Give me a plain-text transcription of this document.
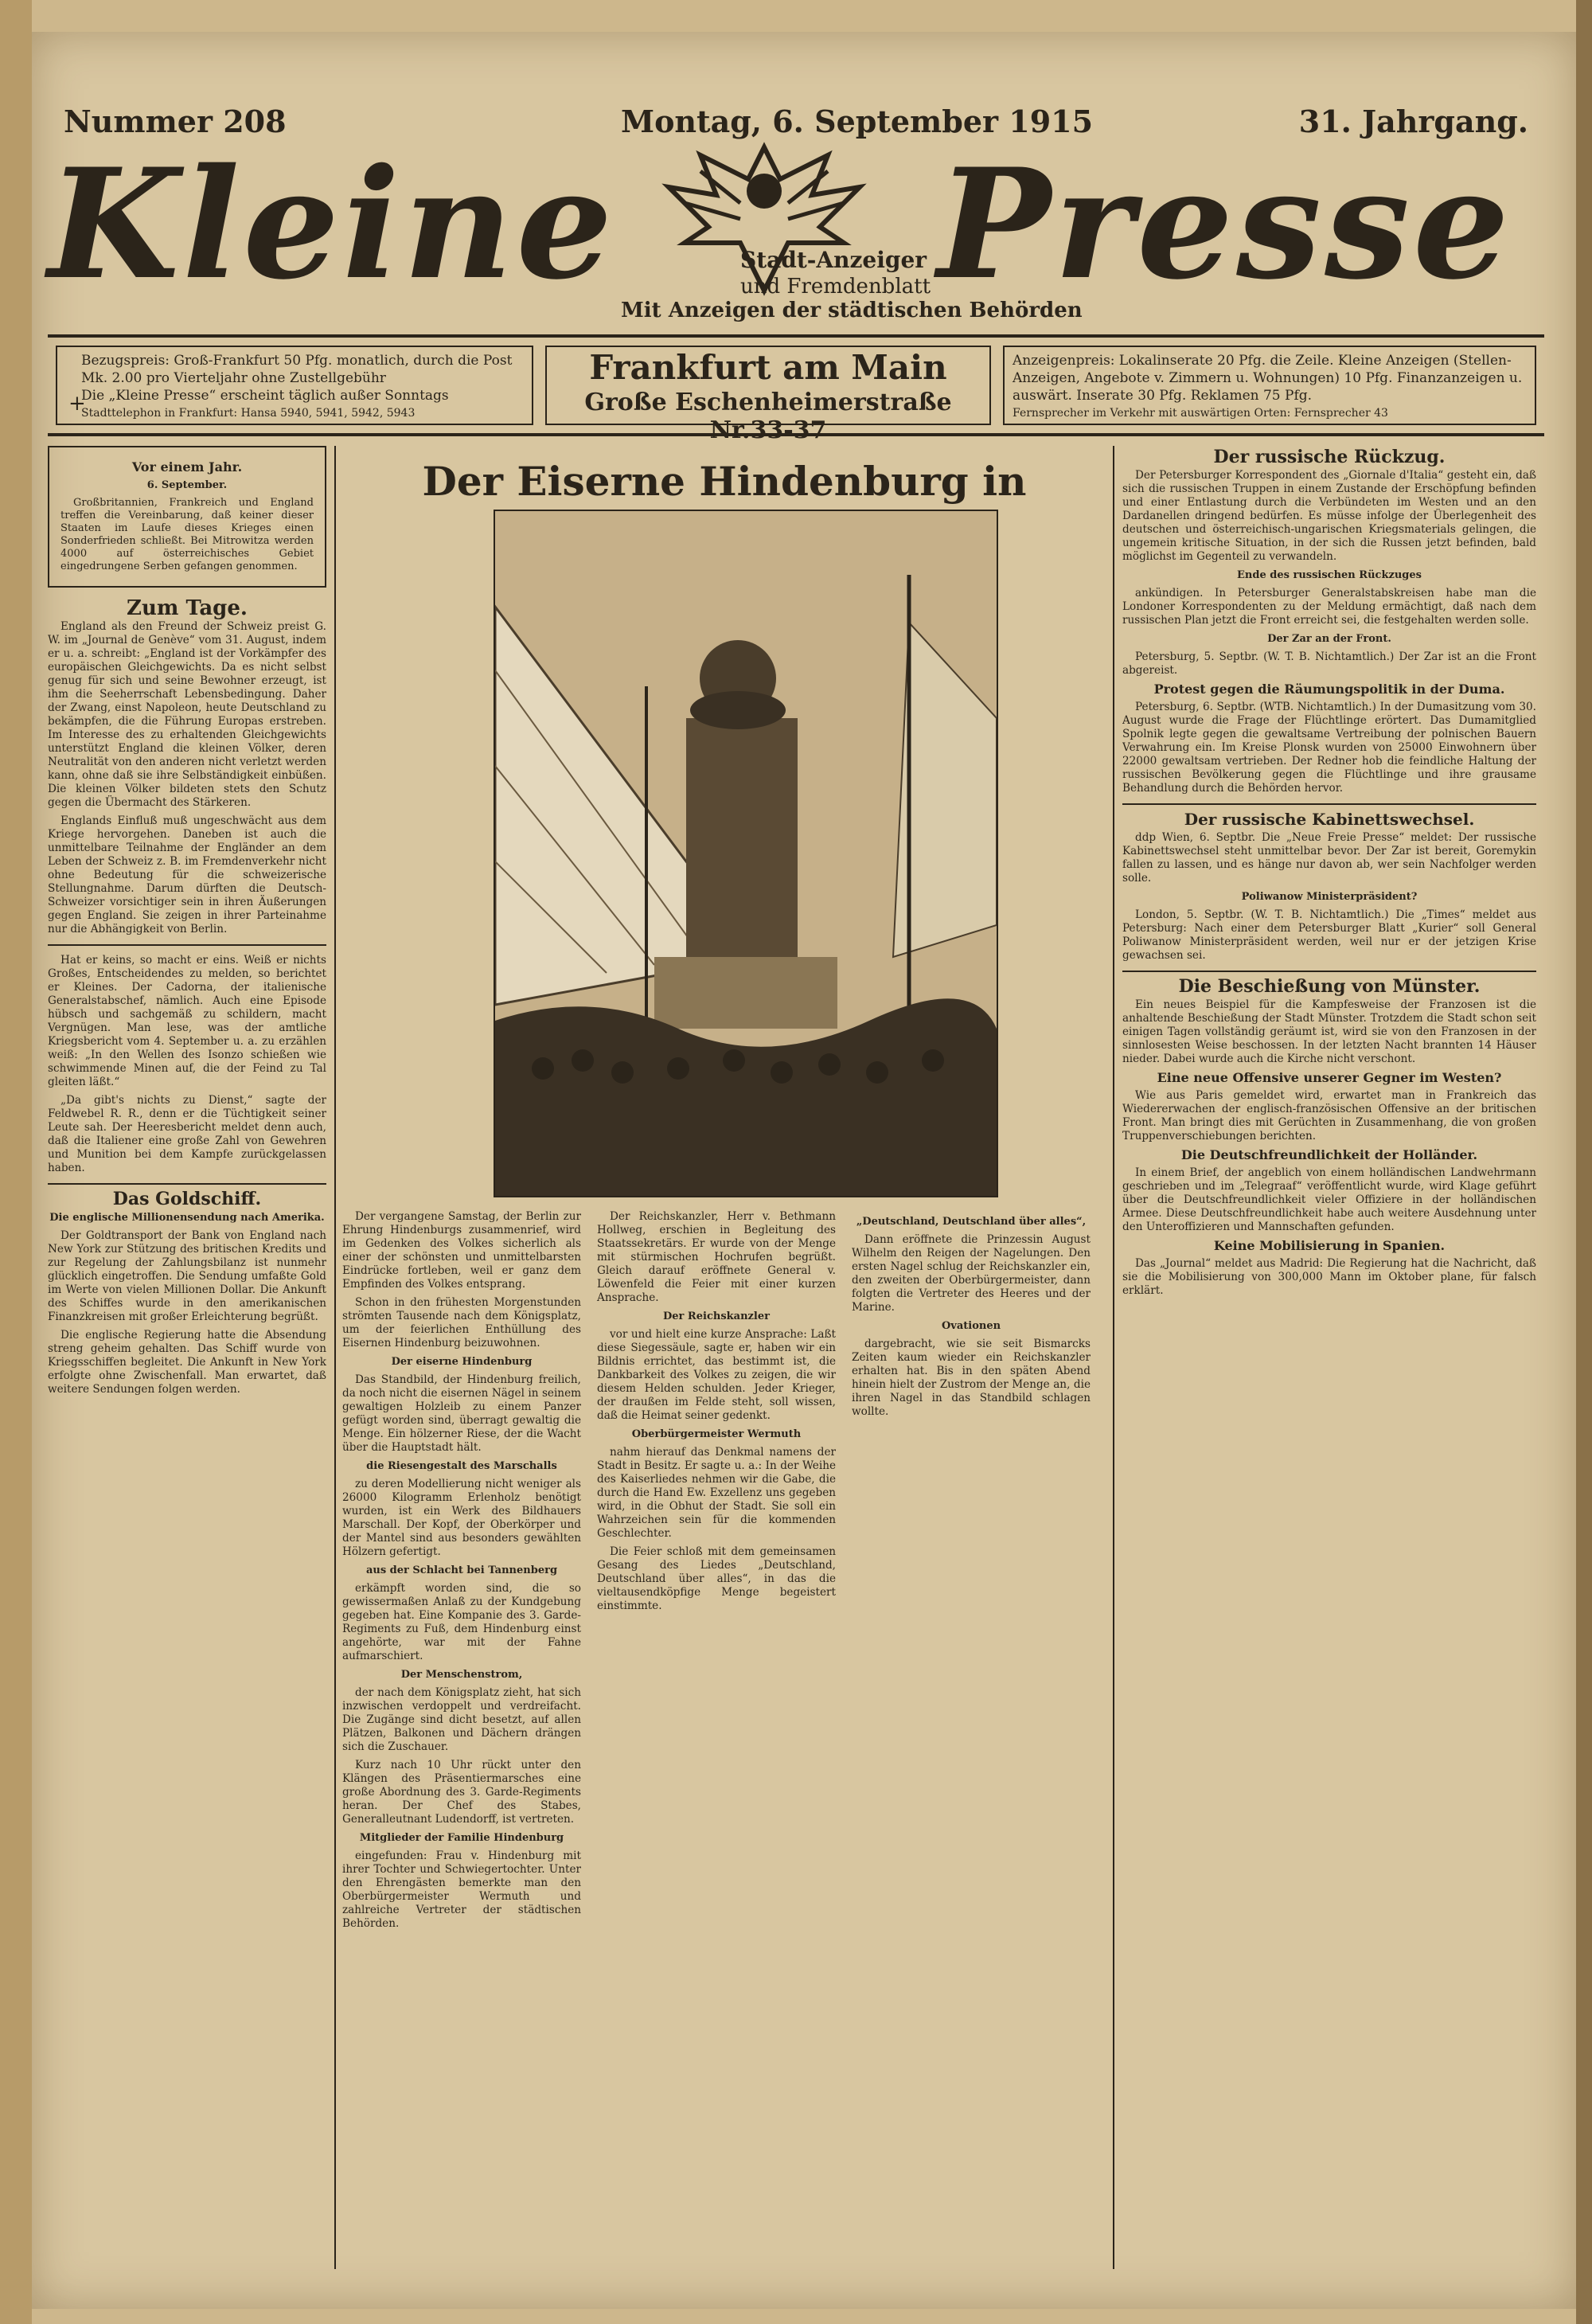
Nummer 208	Montag, 6. September 1915	31. Jahrgang.
Kleine Presse
Stadt-Anzeiger
und Fremdenblatt
Mit Anzeigen der städtischen Behörden
Bezugspreis: Groß-Frankfurt 50 Pfg. monatlich, durch die Post Mk. 2.00 pro Vierteljahr ohne Zustellgebühr
Die „Kleine Presse“ erscheint täglich außer Sonntags
Stadttelephon in Frankfurt: Hansa 5940, 5941, 5942, 5943
+
Frankfurt am Main
Große Eschenheimerstraße Nr.33-37
Anzeigenpreis: Lokalinserate 20 Pfg. die Zeile. Kleine Anzeigen (Stellen-Anzeigen, Angebote v. Zimmern u. Wohnungen) 10 Pfg. Finanzanzeigen u. auswärt. Inserate 30 Pfg. Reklamen 75 Pfg.
Fernsprecher im Verkehr mit auswärtigen Orten: Fernsprecher 43
Vor einem Jahr.
6. September.

Großbritannien, Frankreich und England treffen die Vereinbarung, daß keiner dieser Staaten im Laufe dieses Krieges einen Sonderfrieden schließt. Bei Mitrowitza werden 4000 auf österreichisches Gebiet eingedrungene Serben gefangen genommen.

Zum Tage.

England als den Freund der Schweiz preist G. W. im „Journal de Genève“ vom 31. August, indem er u. a. schreibt: „England ist der Vorkämpfer des europäischen Gleichgewichts. Da es nicht selbst genug für sich und seine Bewohner erzeugt, ist ihm die Seeherrschaft Lebensbedingung. Daher der Zwang, einst Napoleon, heute Deutschland zu bekämpfen, die die Führung Europas erstreben. Im Interesse des zu erhaltenden Gleichgewichts unterstützt England die kleinen Völker, deren Neutralität von den anderen nicht verletzt werden kann, ohne daß sie ihre Selbständigkeit einbüßen. Die kleinen Völker bildeten stets den Schutz gegen die Übermacht des Stärkeren.

Englands Einfluß muß ungeschwächt aus dem Kriege hervorgehen. Daneben ist auch die unmittelbare Teilnahme der Engländer an dem Leben der Schweiz z. B. im Fremdenverkehr nicht ohne Bedeutung für die schweizerische Stellungnahme. Darum dürften die Deutsch-Schweizer vorsichtiger sein in ihren Äußerungen gegen England. Sie zeigen in ihrer Parteinahme nur die Abhängigkeit von Berlin.

Hat er keins, so macht er eins. Weiß er nichts Großes, Entscheidendes zu melden, so berichtet er Kleines. Der Cadorna, der italienische Generalstabschef, nämlich. Auch eine Episode hübsch und sachgemäß zu schildern, macht Vergnügen. Man lese, was der amtliche Kriegsbericht vom 4. September u. a. zu erzählen weiß: „In den Wellen des Isonzo schießen wie schwimmende Minen auf, die der Feind zu Tal gleiten läßt.“

„Da gibt's nichts zu Dienst,“ sagte der Feldwebel R. R., denn er die Tüchtigkeit seiner Leute sah. Der Heeresbericht meldet denn auch, daß die Italiener eine große Zahl von Gewehren und Munition bei dem Kampfe zurückgelassen haben.

Das Goldschiff.
Die englische Millionensendung nach Amerika.

Der Goldtransport der Bank von England nach New York zur Stützung des britischen Kredits und zur Regelung der Zahlungsbilanz ist nunmehr glücklich eingetroffen. Die Sendung umfaßte Gold im Werte von vielen Millionen Dollar. Die Ankunft des Schiffes wurde in den amerikanischen Finanzkreisen mit großer Erleichterung begrüßt.

Die englische Regierung hatte die Absendung streng geheim gehalten. Das Schiff wurde von Kriegsschiffen begleitet. Die Ankunft in New York erfolgte ohne Zwischenfall. Man erwartet, daß weitere Sendungen folgen werden.

Der Eiserne Hindenburg in

Der vergangene Samstag, der Berlin zur Ehrung Hindenburgs zusammenrief, wird im Gedenken des Volkes sicherlich als einer der schönsten und unmittelbarsten Eindrücke fortleben, weil er ganz dem Empfinden des Volkes entsprang.

Schon in den frühesten Morgenstunden strömten Tausende nach dem Königsplatz, um der feierlichen Enthüllung des Eisernen Hindenburg beizuwohnen.

Der eiserne Hindenburg

Das Standbild, der Hindenburg freilich, da noch nicht die eisernen Nägel in seinem gewaltigen Holzleib zu einem Panzer gefügt worden sind, überragt gewaltig die Menge. Ein hölzerner Riese, der die Wacht über die Hauptstadt hält.

die Riesengestalt des Marschalls

zu deren Modellierung nicht weniger als 26000 Kilogramm Erlenholz benötigt wurden, ist ein Werk des Bildhauers Marschall. Der Kopf, der Oberkörper und der Mantel sind aus besonders gewählten Hölzern gefertigt.

aus der Schlacht bei Tannenberg

erkämpft worden sind, die so gewissermaßen Anlaß zu der Kundgebung gegeben hat. Eine Kompanie des 3. Garde-Regiments zu Fuß, dem Hindenburg einst angehörte, war mit der Fahne aufmarschiert.

Der Menschenstrom,

der nach dem Königsplatz zieht, hat sich inzwischen verdoppelt und verdreifacht. Die Zugänge sind dicht besetzt, auf allen Plätzen, Balkonen und Dächern drängen sich die Zuschauer.

Kurz nach 10 Uhr rückt unter den Klängen des Präsentiermarsches eine große Abordnung des 3. Garde-Regiments heran. Der Chef des Stabes, Generalleutnant Ludendorff, ist vertreten.

Mitglieder der Familie Hindenburg

eingefunden: Frau v. Hindenburg mit ihrer Tochter und Schwiegertochter. Unter den Ehrengästen bemerkte man den Oberbürgermeister Wermuth und zahlreiche Vertreter der städtischen Behörden.

Der Reichskanzler, Herr v. Bethmann Hollweg, erschien in Begleitung des Staatssekretärs. Er wurde von der Menge mit stürmischen Hochrufen begrüßt. Gleich darauf eröffnete General v. Löwenfeld die Feier mit einer kurzen Ansprache.

Der Reichskanzler

vor und hielt eine kurze Ansprache: Laßt diese Siegessäule, sagte er, haben wir ein Bildnis errichtet, das bestimmt ist, die Dankbarkeit des Volkes zu zeigen, die wir diesem Helden schulden. Jeder Krieger, der draußen im Felde steht, soll wissen, daß die Heimat seiner gedenkt.

Oberbürgermeister Wermuth

nahm hierauf das Denkmal namens der Stadt in Besitz. Er sagte u. a.: In der Weihe des Kaiserliedes nehmen wir die Gabe, die durch die Hand Ew. Exzellenz uns gegeben wird, in die Obhut der Stadt. Sie soll ein Wahrzeichen sein für die kommenden Geschlechter.

Die Feier schloß mit dem gemeinsamen Gesang des Liedes „Deutschland, Deutschland über alles“, in das die vieltausendköpfige Menge begeistert einstimmte.

„Deutschland, Deutschland über alles“,

Dann eröffnete die Prinzessin August Wilhelm den Reigen der Nagelungen. Den ersten Nagel schlug der Reichskanzler ein, den zweiten der Oberbürgermeister, dann folgten die Vertreter des Heeres und der Marine.

Ovationen

dargebracht, wie sie seit Bismarcks Zeiten kaum wieder ein Reichskanzler erhalten hat. Bis in den späten Abend hinein hielt der Zustrom der Menge an, die ihren Nagel in das Standbild schlagen wollte.

Der russische Rückzug.

Der Petersburger Korrespondent des „Giornale d'Italia“ gesteht ein, daß sich die russischen Truppen in einem Zustande der Erschöpfung befinden und einer Entlastung durch die Verbündeten im Westen und an den Dardanellen dringend bedürfen. Es müsse infolge der Überlegenheit des deutschen und österreichisch-ungarischen Kriegsmaterials gelingen, die ungemein kritische Situation, in der sich die Russen jetzt befinden, bald möglichst im Gegenteil zu verwandeln.

Ende des russischen Rückzuges

ankündigen. In Petersburger Generalstabskreisen habe man die Londoner Korrespondenten zu der Meldung ermächtigt, daß nach dem russischen Plan jetzt die Front erreicht sei, die festgehalten werden solle.

Der Zar an der Front.

Petersburg, 5. Septbr. (W. T. B. Nichtamtlich.) Der Zar ist an die Front abgereist.

Protest gegen die Räumungspolitik in der Duma.

Petersburg, 6. Septbr. (WTB. Nichtamtlich.) In der Dumasitzung vom 30. August wurde die Frage der Flüchtlinge erörtert. Das Dumamitglied Spolnik legte gegen die gewaltsame Vertreibung der polnischen Bauern Verwahrung ein. Im Kreise Plonsk wurden von 25000 Einwohnern über 22000 gewaltsam vertrieben. Der Redner hob die feindliche Haltung der russischen Bevölkerung gegen die Flüchtlinge und ihre grausame Behandlung durch die Behörden hervor.

Der russische Kabinettswechsel.

ddp Wien, 6. Septbr. Die „Neue Freie Presse“ meldet: Der russische Kabinettswechsel steht unmittelbar bevor. Der Zar ist bereit, Goremykin fallen zu lassen, und es hänge nur davon ab, wer sein Nachfolger werden solle.

Poliwanow Ministerpräsident?

London, 5. Septbr. (W. T. B. Nichtamtlich.) Die „Times“ meldet aus Petersburg: Nach einer dem Petersburger Blatt „Kurier“ soll General Poliwanow Ministerpräsident werden, weil nur er der jetzigen Krise gewachsen sei.

Die Beschießung von Münster.

Ein neues Beispiel für die Kampfesweise der Franzosen ist die anhaltende Beschießung der Stadt Münster. Trotzdem die Stadt schon seit einigen Tagen vollständig geräumt ist, wird sie von den Franzosen in der sinnlosesten Weise beschossen. In der letzten Nacht brannten 14 Häuser nieder. Dabei wurde auch die Kirche nicht verschont.

Eine neue Offensive unserer Gegner im Westen?

Wie aus Paris gemeldet wird, erwartet man in Frankreich das Wiedererwachen der englisch-französischen Offensive an der britischen Front. Man bringt dies mit Gerüchten in Zusammenhang, die von großen Truppenverschiebungen berichten.

Die Deutschfreundlichkeit der Holländer.

In einem Brief, der angeblich von einem holländischen Landwehrmann geschrieben und im „Telegraaf“ veröffentlicht wurde, wird Klage geführt über die Deutschfreundlichkeit vieler Offiziere in der holländischen Armee. Diese Deutschfreundlichkeit habe auch weitere Ausdehnung unter den Unteroffizieren und Mannschaften gefunden.

Keine Mobilisierung in Spanien.

Das „Journal“ meldet aus Madrid: Die Regierung hat die Nachricht, daß sie die Mobilisierung von 300,000 Mann im Oktober plane, für falsch erklärt.
